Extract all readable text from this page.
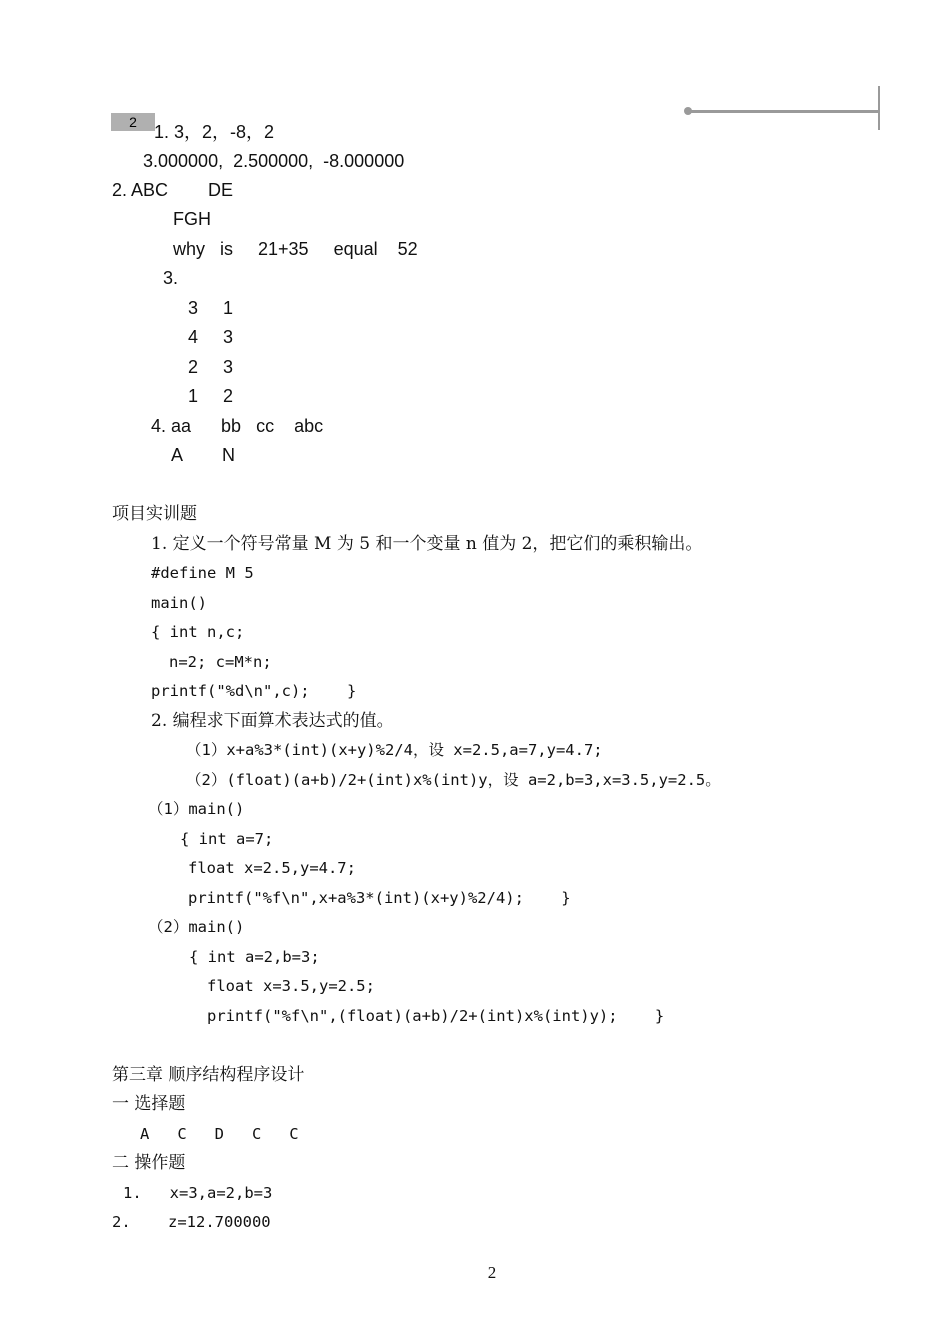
2 1. 3，2，-8，2
3.000000,  2.500000,  -8.000000
2. ABC        DE
FGH
why   is     21+35     equal    52
3.
3     1
4     3
2     3
1     2
4. aa      bb   cc    abc
A        N
项目实训题
1. 定义一个符号常量 M 为 5 和一个变量 n 值为 2，把它们的乘积输出。
#define M 5
main()
{ int n,c;
n=2; c=M*n;
printf("%d\n",c);    }
2. 编程求下面算术表达式的值。
（1）x+a%3*(int)(x+y)%2/4，设 x=2.5,a=7,y=4.7;
（2）(float)(a+b)/2+(int)x%(int)y，设 a=2,b=3,x=3.5,y=2.5。
（1）main()
{ int a=7;
float x=2.5,y=4.7;
printf("%f\n",x+a%3*(int)(x+y)%2/4);    }
（2）main()
{ int a=2,b=3;
float x=3.5,y=2.5;
printf("%f\n",(float)(a+b)/2+(int)x%(int)y);    }
第三章 顺序结构程序设计
一 选择题
A   C   D   C   C
二 操作题
1.   x=3,a=2,b=3
2.    z=12.700000
2
